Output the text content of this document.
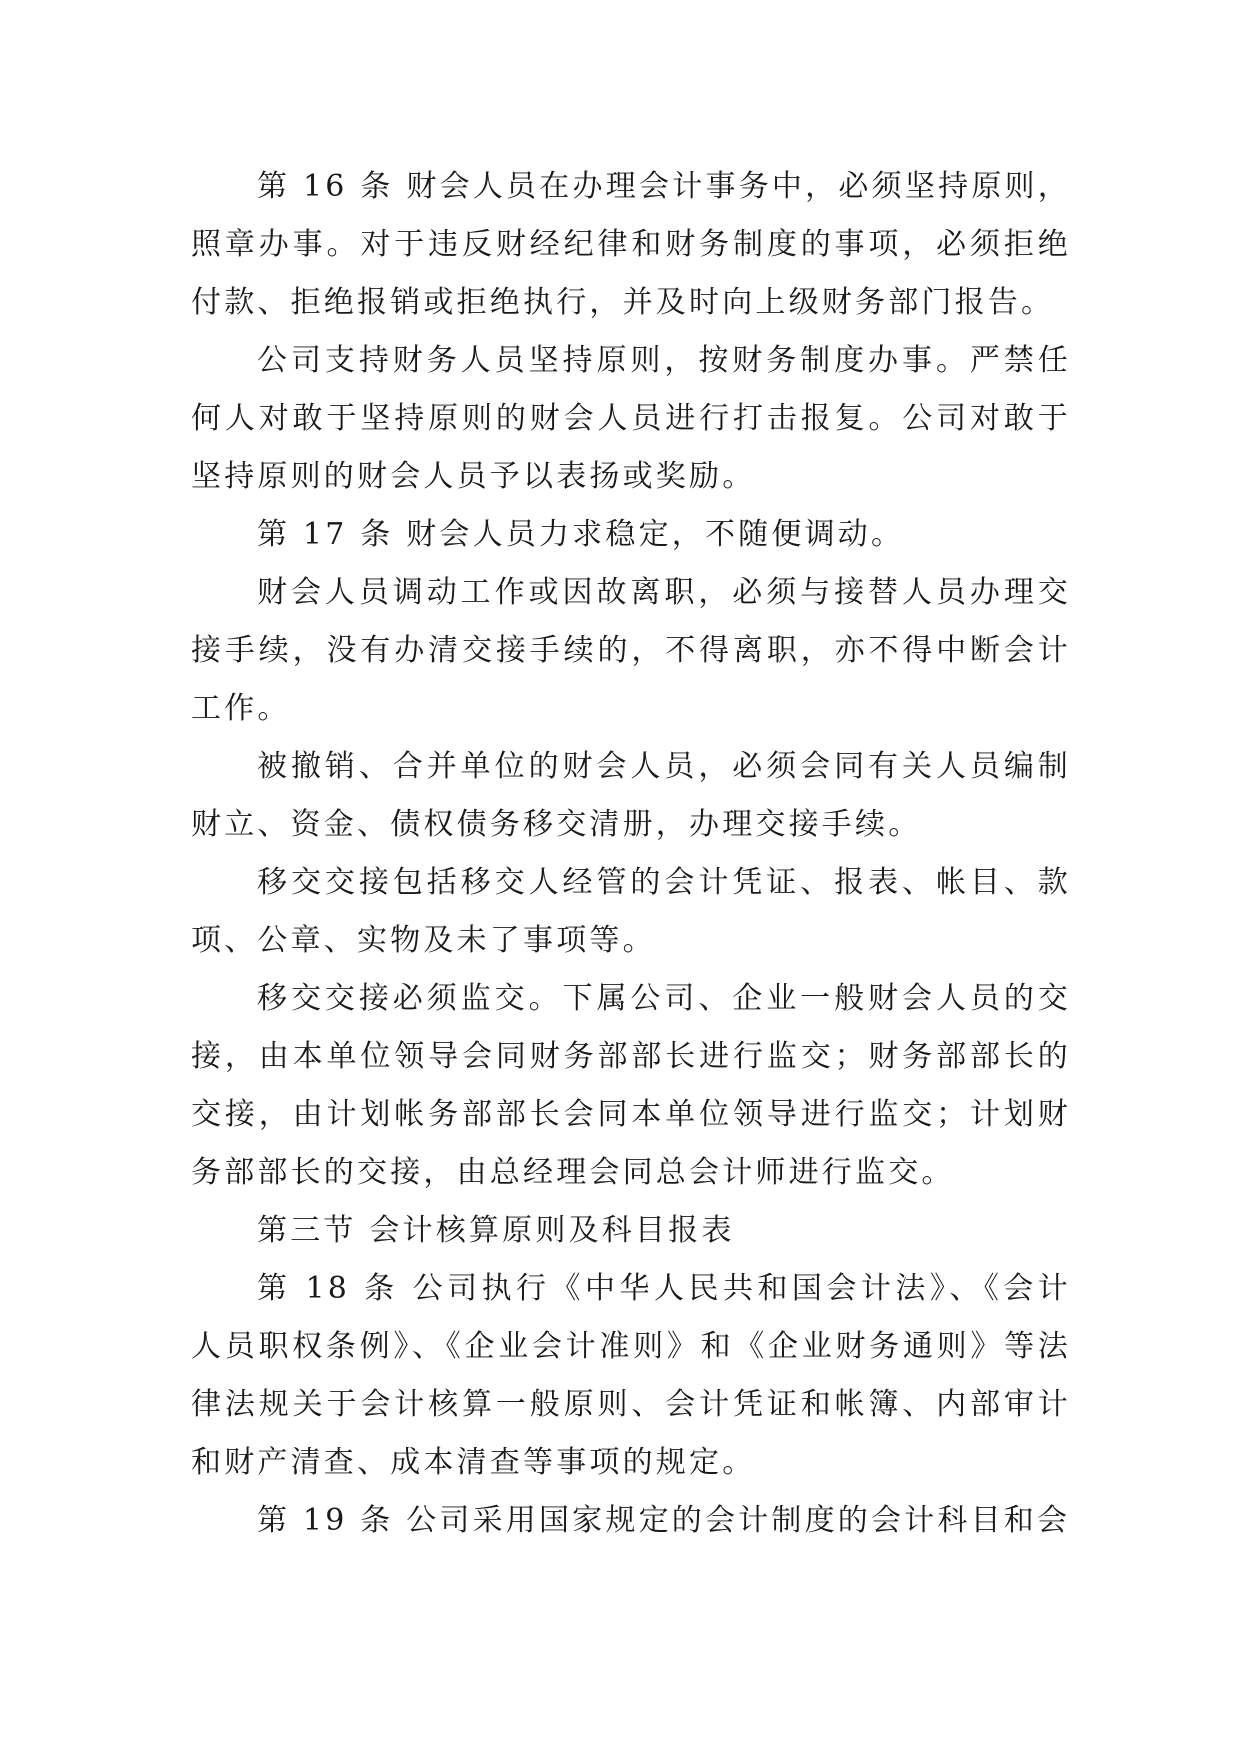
第 16 条 财会人员在办理会计事务中，必须坚持原则，照章办事。对于违反财经纪律和财务制度的事项，必须拒绝付款、拒绝报销或拒绝执行，并及时向上级财务部门报告。

公司支持财务人员坚持原则，按财务制度办事。严禁任何人对敢于坚持原则的财会人员进行打击报复。公司对敢于坚持原则的财会人员予以表扬或奖励。

第 17 条 财会人员力求稳定，不随便调动。

财会人员调动工作或因故离职，必须与接替人员办理交接手续，没有办清交接手续的，不得离职，亦不得中断会计工作。

被撤销、合并单位的财会人员，必须会同有关人员编制财立、资金、债权债务移交清册，办理交接手续。

移交交接包括移交人经管的会计凭证、报表、帐目、款项、公章、实物及未了事项等。

移交交接必须监交。下属公司、企业一般财会人员的交接，由本单位领导会同财务部部长进行监交；财务部部长的交接，由计划帐务部部长会同本单位领导进行监交；计划财务部部长的交接，由总经理会同总会计师进行监交。

第三节 会计核算原则及科目报表

第 18 条 公司执行《中华人民共和国会计法》、《会计人员职权条例》、《企业会计准则》和《企业财务通则》等法律法规关于会计核算一般原则、会计凭证和帐簿、内部审计和财产清查、成本清查等事项的规定。

第 19 条 公司采用国家规定的会计制度的会计科目和会
